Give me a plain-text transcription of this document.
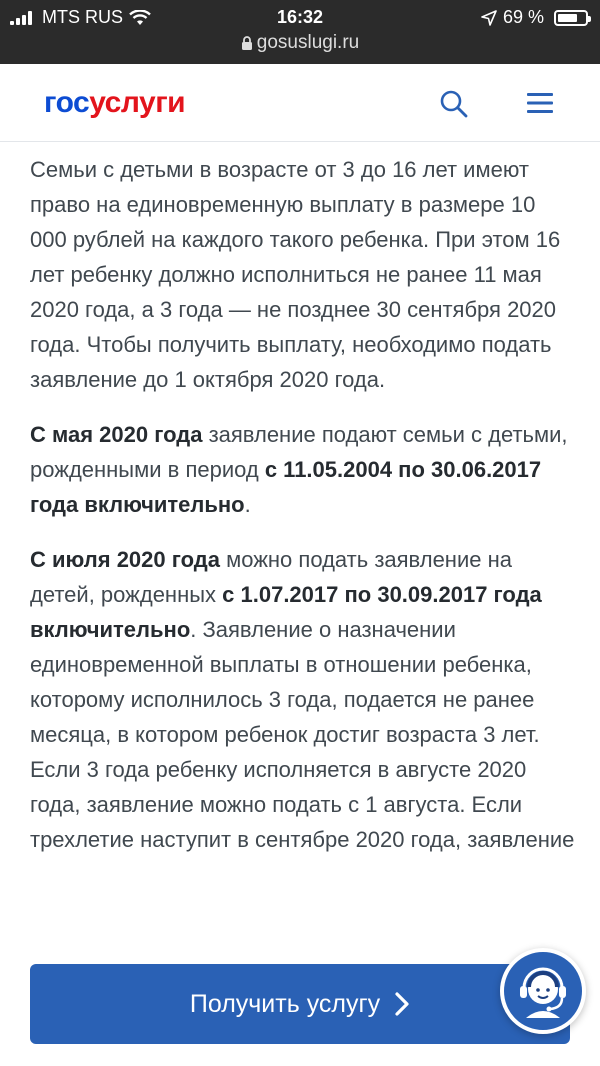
MTS RUS	16:32	69 %
gosuslugi.ru
госуслуги

Семьи с детьми в возрасте от 3 до 16 лет имеют право на единовременную выплату в размере 10 000 рублей на каждого такого ребенка. При этом 16 лет ребенку должно исполниться не ранее 11 мая 2020 года, а 3 года — не позднее 30 сентября 2020 года. Чтобы получить выплату, необходимо подать заявление до 1 октября 2020 года.

С мая 2020 года заявление подают семьи с детьми, рожденными в период с 11.05.2004 по 30.06.2017 года включительно.

С июля 2020 года можно подать заявление на детей, рожденных с 1.07.2017 по 30.09.2017 года включительно. Заявление о назначении единовременной выплаты в отношении ребенка, которому исполнилось 3 года, подается не ранее месяца, в котором ребенок достиг возраста 3 лет. Если 3 года ребенку исполняется в августе 2020 года, заявление можно подать с 1 августа. Если трехлетие наступит в сентябре 2020 года, заявление

Получить услугу
